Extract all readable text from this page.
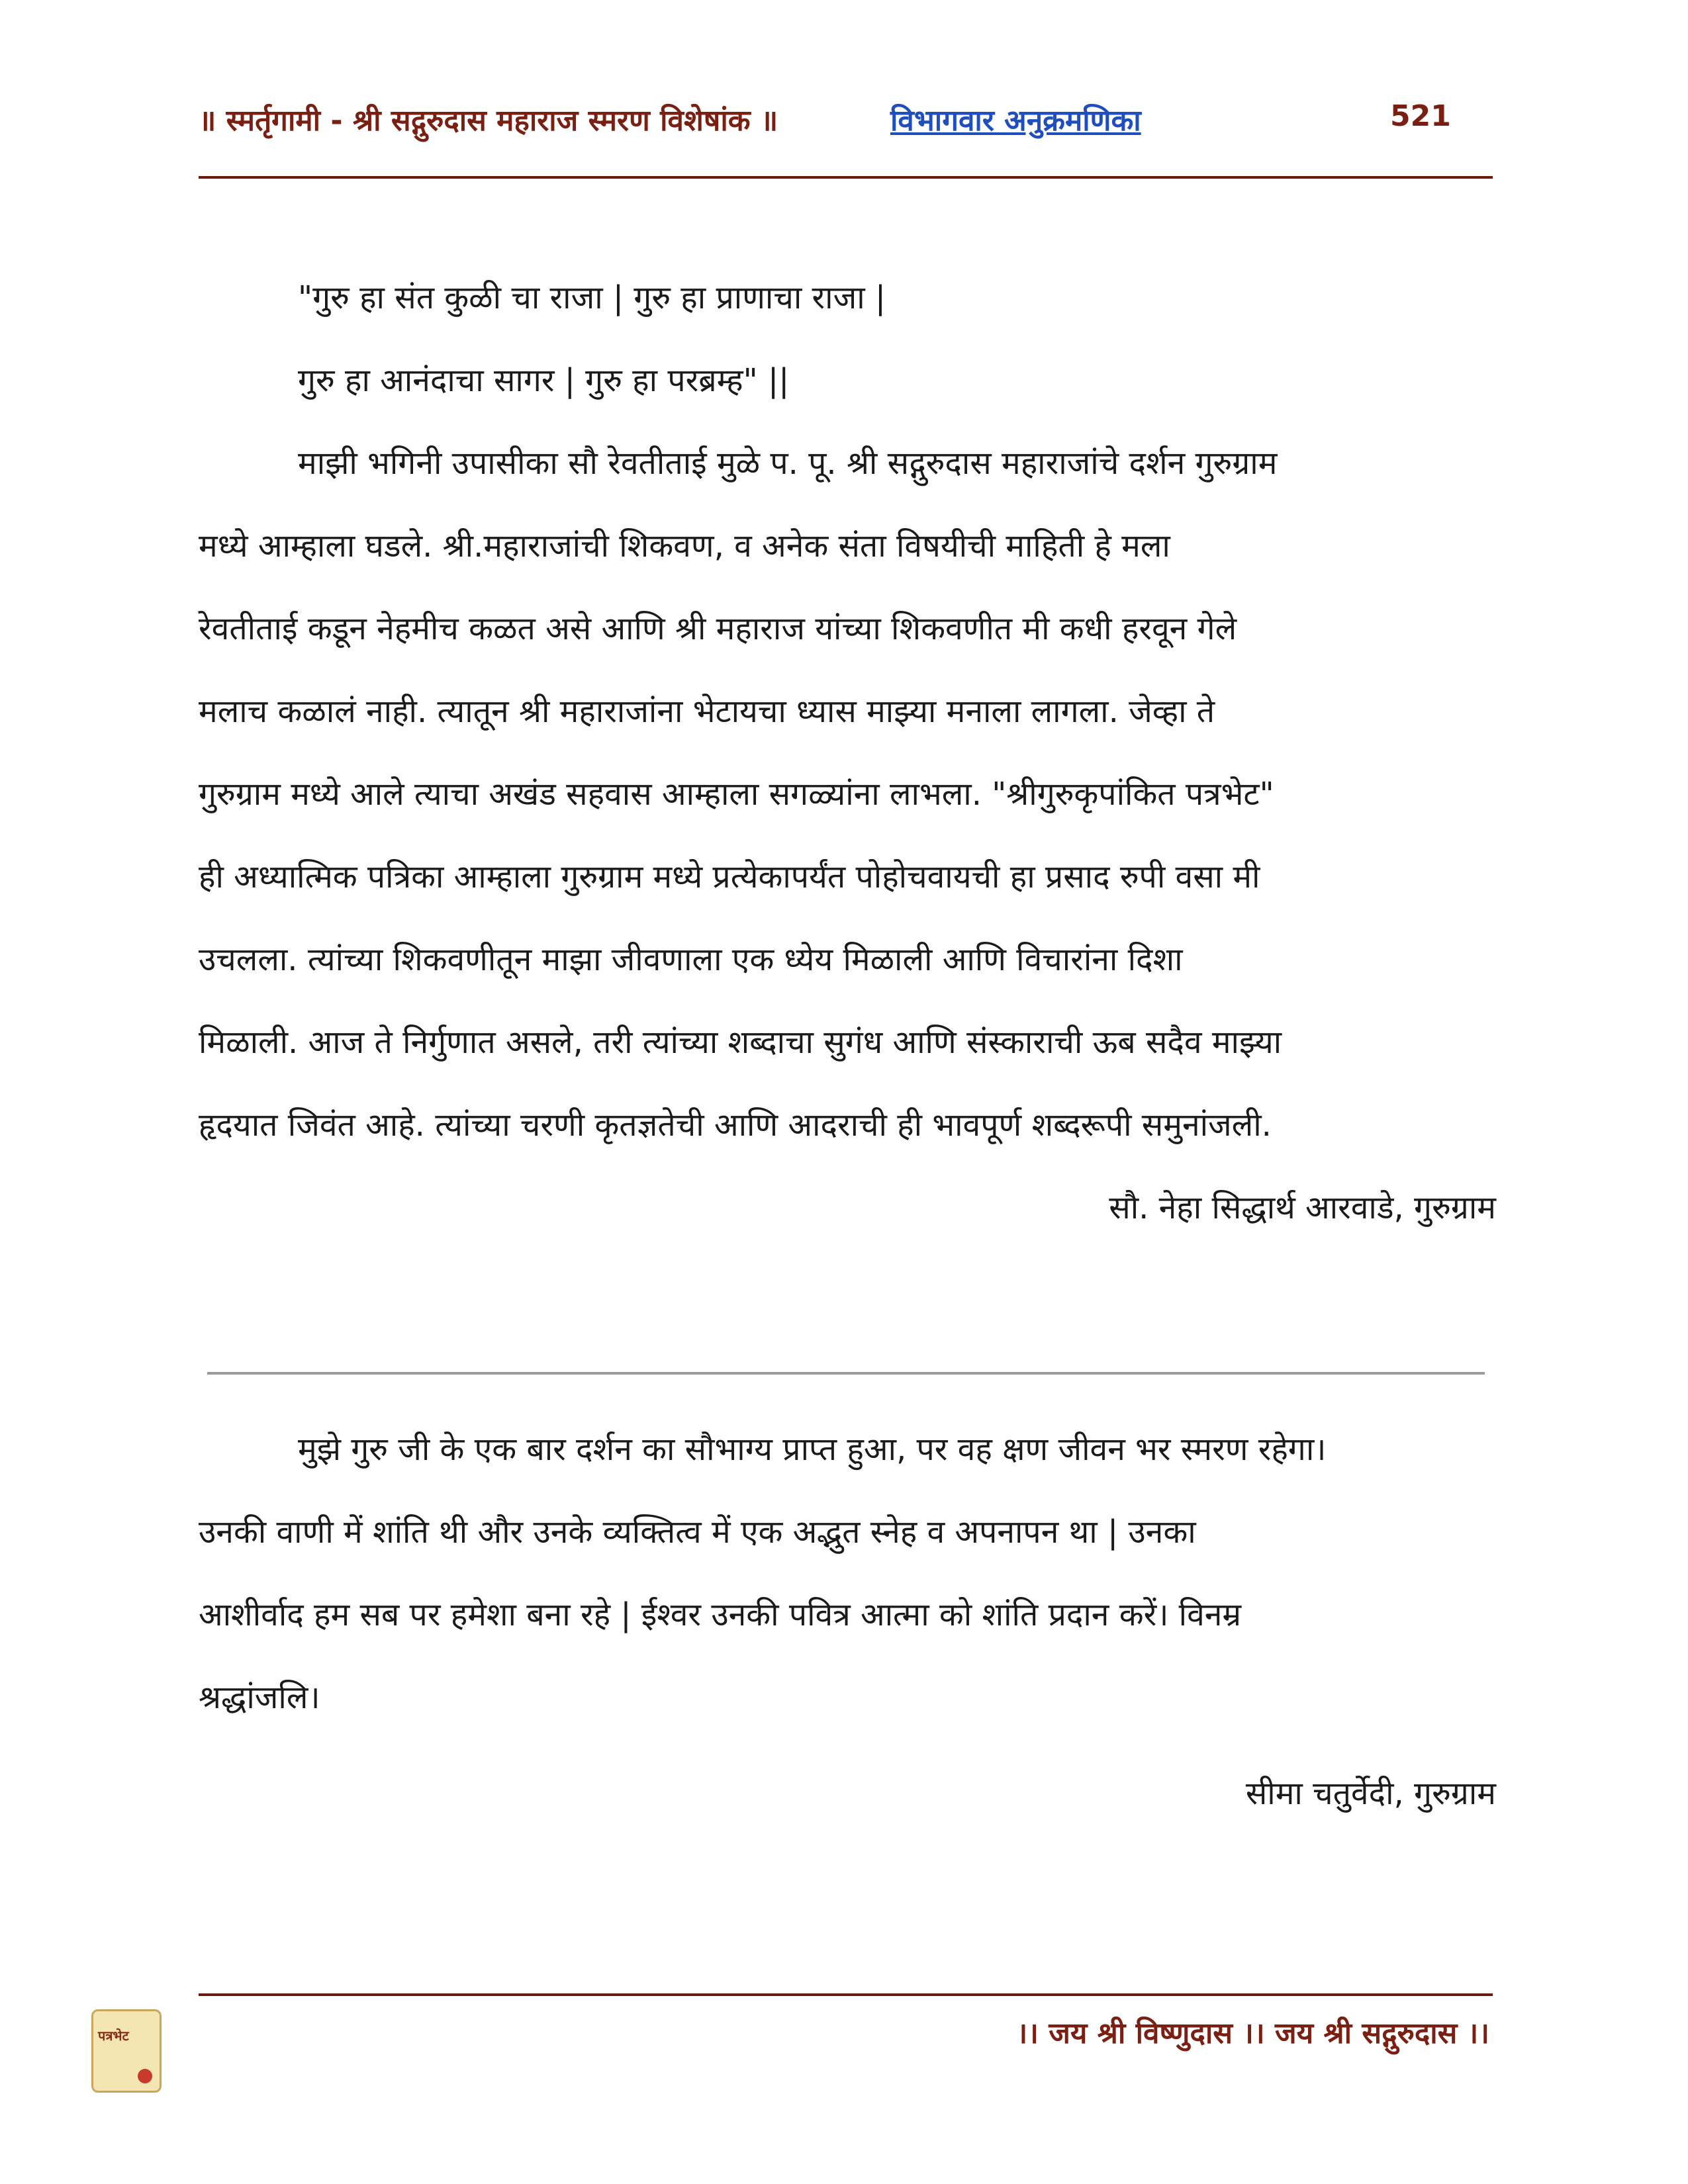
॥ स्मर्तृगामी - श्री सद्गुरुदास महाराज स्मरण विशेषांक ॥	विभागवार अनुक्रमणिका	521
"गुरु हा संत कुळी चा राजा | गुरु हा प्राणाचा राजा |
गुरु हा आनंदाचा सागर | गुरु हा परब्रम्ह" ||
माझी भगिनी उपासीका सौ रेवतीताई मुळे प. पू. श्री सद्गुरुदास महाराजांचे दर्शन गुरुग्राम
मध्ये आम्हाला घडले. श्री.महाराजांची शिकवण, व अनेक संता विषयीची माहिती हे मला
रेवतीताई कडून नेहमीच कळत असे आणि श्री महाराज यांच्या शिकवणीत मी कधी हरवून गेले
मलाच कळालं नाही. त्यातून श्री महाराजांना भेटायचा ध्यास माझ्या मनाला लागला. जेव्हा ते
गुरुग्राम मध्ये आले त्याचा अखंड सहवास आम्हाला सगळ्यांना लाभला. "श्रीगुरुकृपांकित पत्रभेट"
ही अध्यात्मिक पत्रिका आम्हाला गुरुग्राम मध्ये प्रत्येकापर्यंत पोहोचवायची हा प्रसाद रुपी वसा मी
उचलला. त्यांच्या शिकवणीतून माझा जीवणाला एक ध्येय मिळाली आणि विचारांना दिशा
मिळाली. आज ते निर्गुणात असले, तरी त्यांच्या शब्दाचा सुगंध आणि संस्काराची ऊब सदैव माझ्या
हृदयात जिवंत आहे. त्यांच्या चरणी कृतज्ञतेची आणि आदराची ही भावपूर्ण शब्दरूपी समुनांजली.
सौ. नेहा सिद्धार्थ आरवाडे, गुरुग्राम
मुझे गुरु जी के एक बार दर्शन का सौभाग्य प्राप्त हुआ, पर वह क्षण जीवन भर स्मरण रहेगा।
उनकी वाणी में शांति थी और उनके व्यक्तित्व में एक अद्भुत स्नेह व अपनापन था | उनका
आशीर्वाद हम सब पर हमेशा बना रहे | ईश्वर उनकी पवित्र आत्मा को शांति प्रदान करें। विनम्र
श्रद्धांजलि।
सीमा चतुर्वेदी, गुरुग्राम
।। जय श्री विष्णुदास ।। जय श्री सद्गुरुदास ।।
पत्रभेट
